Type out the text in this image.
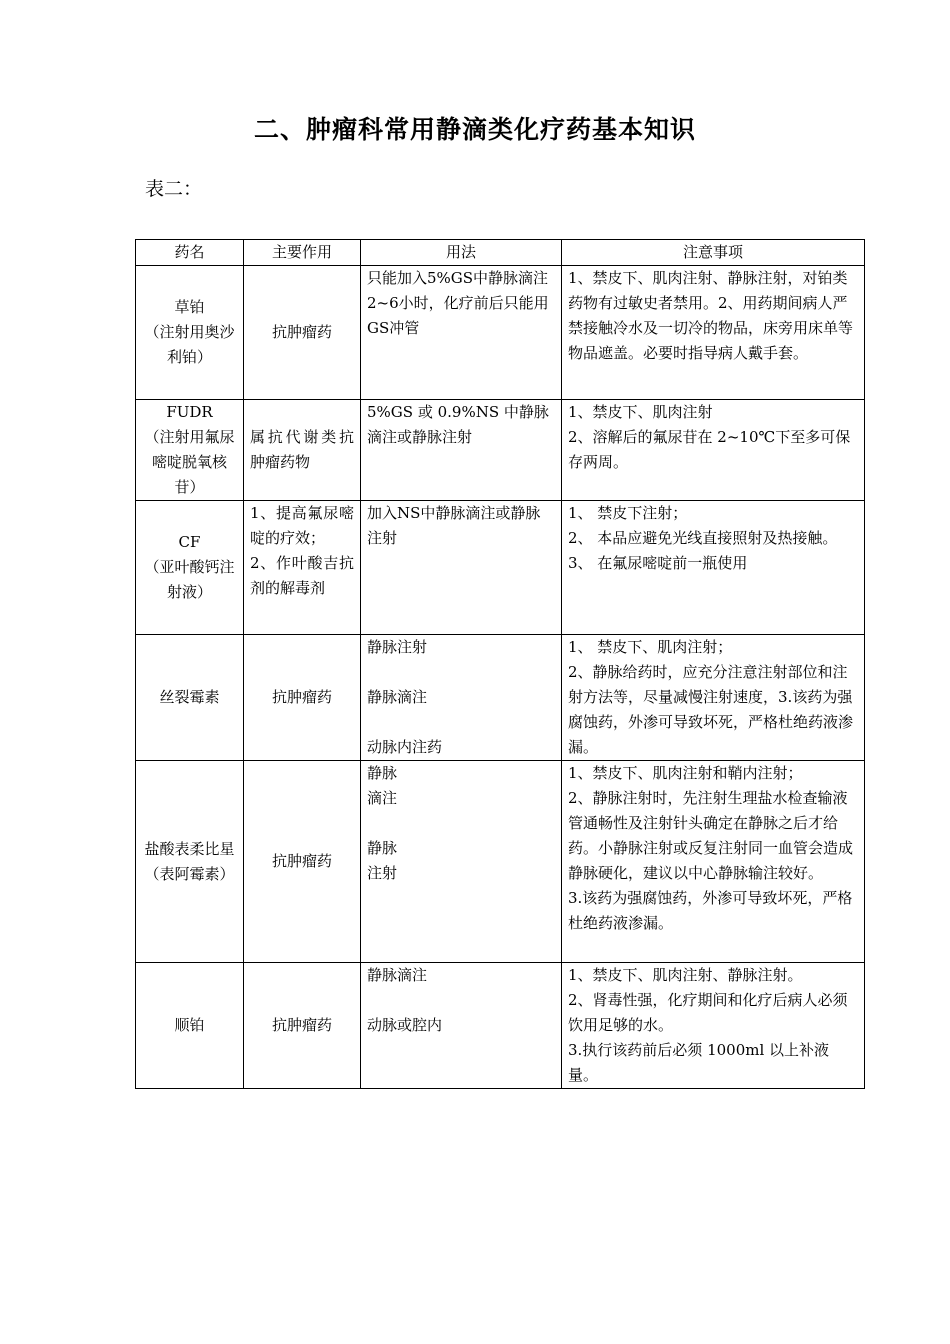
二、肿瘤科常用静滴类化疗药基本知识

表二：

药名	主要作用	用法	注意事项

草铂
（注射用奥沙利铂）	抗肿瘤药	只能加入5%GS中静脉滴注2~6小时，化疗前后只能用GS冲管	1、禁皮下、肌肉注射、静脉注射，对铂类药物有过敏史者禁用。2、用药期间病人严禁接触冷水及一切冷的物品，床旁用床单等物品遮盖。必要时指导病人戴手套。

FUDR
（注射用氟尿嘧啶脱氧核苷）	属抗代谢类抗肿瘤药物	5%GS 或 0.9%NS 中静脉滴注或静脉注射	1、禁皮下、肌肉注射
2、溶解后的氟尿苷在 2~10℃下至多可保存两周。

CF
（亚叶酸钙注射液）	1、提高氟尿嘧啶的疗效；
2、作叶酸吉抗剂的解毒剂	加入NS中静脉滴注或静脉注射	1、 禁皮下注射；
2、 本品应避免光线直接照射及热接触。
3、 在氟尿嘧啶前一瓶使用

丝裂霉素	抗肿瘤药	静脉注射
静脉滴注
动脉内注药	1、 禁皮下、肌肉注射；
2、静脉给药时，应充分注意注射部位和注射方法等，尽量减慢注射速度，3.该药为强腐蚀药，外渗可导致坏死，严格杜绝药液渗漏。

盐酸表柔比星（表阿霉素）	抗肿瘤药	静脉
滴注
静脉
注射	1、禁皮下、肌肉注射和鞘内注射；
2、静脉注射时，先注射生理盐水检查输液管通畅性及注射针头确定在静脉之后才给药。小静脉注射或反复注射同一血管会造成静脉硬化，建议以中心静脉输注较好。
3.该药为强腐蚀药，外渗可导致坏死，严格杜绝药液渗漏。

顺铂	抗肿瘤药	静脉滴注
动脉或腔内	1、禁皮下、肌肉注射、静脉注射。
2、肾毒性强，化疗期间和化疗后病人必须饮用足够的水。
3.执行该药前后必须 1000ml 以上补液量。
